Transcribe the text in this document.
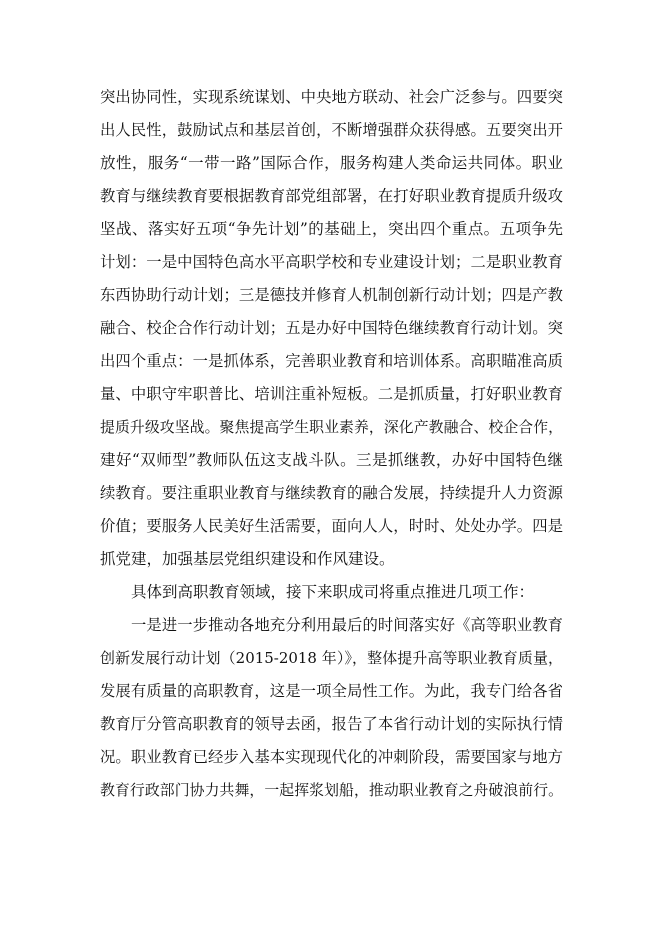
突出协同性，实现系统谋划、中央地方联动、社会广泛参与。四要突
出人民性，鼓励试点和基层首创，不断增强群众获得感。五要突出开
放性，服务“一带一路”国际合作，服务构建人类命运共同体。职业
教育与继续教育要根据教育部党组部署，在打好职业教育提质升级攻
坚战、落实好五项“争先计划”的基础上，突出四个重点。五项争先
计划：一是中国特色高水平高职学校和专业建设计划；二是职业教育
东西协助行动计划；三是德技并修育人机制创新行动计划；四是产教
融合、校企合作行动计划；五是办好中国特色继续教育行动计划。突
出四个重点：一是抓体系，完善职业教育和培训体系。高职瞄准高质
量、中职守牢职普比、培训注重补短板。二是抓质量，打好职业教育
提质升级攻坚战。聚焦提高学生职业素养，深化产教融合、校企合作，
建好“双师型”教师队伍这支战斗队。三是抓继教，办好中国特色继
续教育。要注重职业教育与继续教育的融合发展，持续提升人力资源
价值；要服务人民美好生活需要，面向人人，时时、处处办学。四是
抓党建，加强基层党组织建设和作风建设。
具体到高职教育领域，接下来职成司将重点推进几项工作：
一是进一步推动各地充分利用最后的时间落实好《高等职业教育
创新发展行动计划（2015-2018 年）》，整体提升高等职业教育质量，
发展有质量的高职教育，这是一项全局性工作。为此，我专门给各省
教育厅分管高职教育的领导去函，报告了本省行动计划的实际执行情
况。职业教育已经步入基本实现现代化的冲刺阶段，需要国家与地方
教育行政部门协力共舞，一起挥浆划船，推动职业教育之舟破浪前行。
